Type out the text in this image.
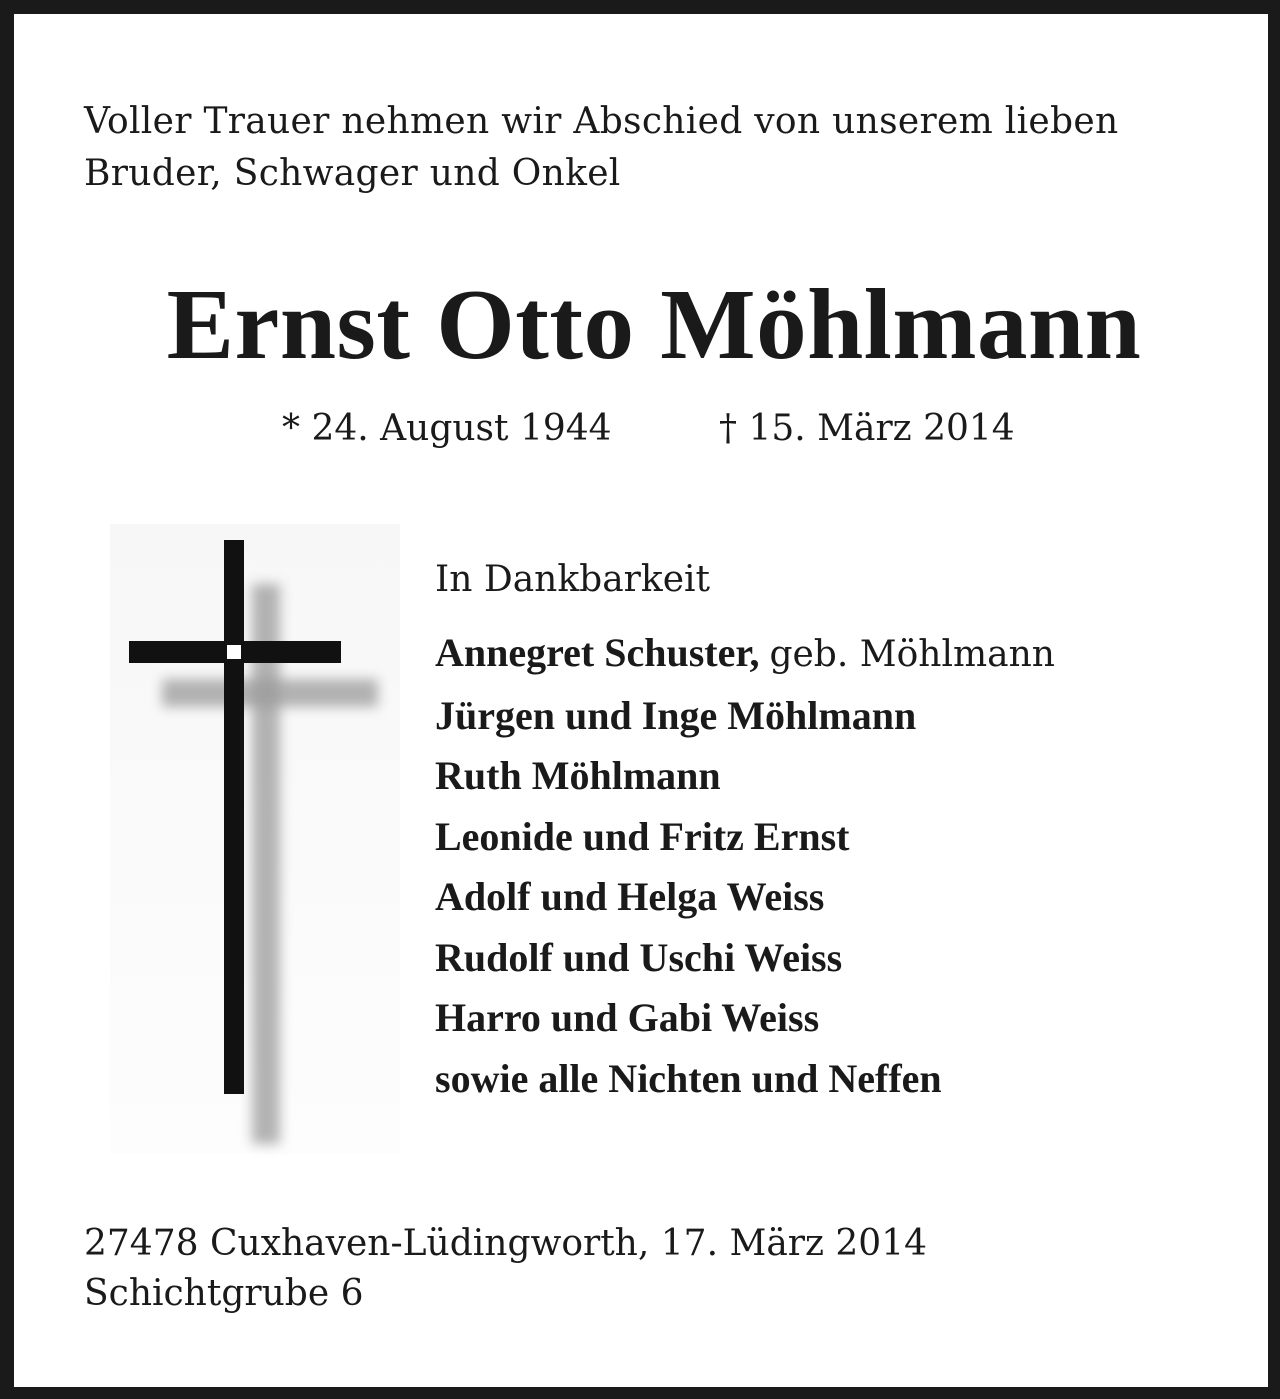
Voller Trauer nehmen wir Abschied von unserem lieben
Bruder, Schwager und Onkel
Ernst Otto Möhlmann
* 24. August 1944	† 15. März 2014
In Dankbarkeit
Annegret Schuster, geb. Möhlmann
Jürgen und Inge Möhlmann
Ruth Möhlmann
Leonide und Fritz Ernst
Adolf und Helga Weiss
Rudolf und Uschi Weiss
Harro und Gabi Weiss
sowie alle Nichten und Neffen
27478 Cuxhaven-Lüdingworth, 17. März 2014
Schichtgrube 6
